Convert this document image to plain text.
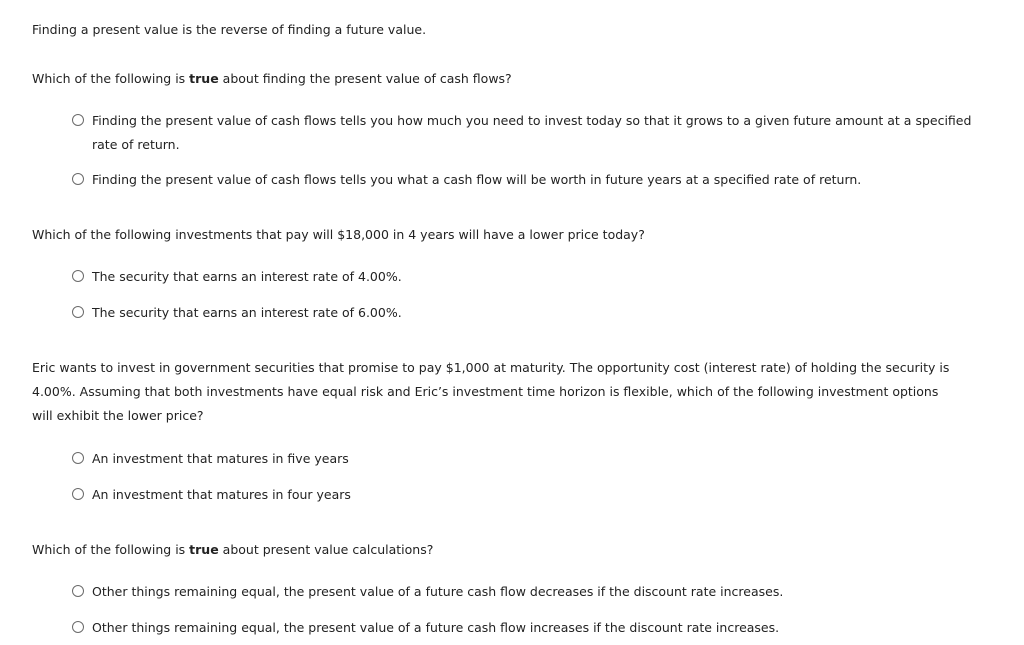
Finding a present value is the reverse of finding a future value.
Which of the following is true about finding the present value of cash flows?
Finding the present value of cash flows tells you how much you need to invest today so that it grows to a given future amount at a specified rate of return.
Finding the present value of cash flows tells you what a cash flow will be worth in future years at a specified rate of return.
Which of the following investments that pay will $18,000 in 4 years will have a lower price today?
The security that earns an interest rate of 4.00%.
The security that earns an interest rate of 6.00%.
Eric wants to invest in government securities that promise to pay $1,000 at maturity. The opportunity cost (interest rate) of holding the security is 4.00%. Assuming that both investments have equal risk and Eric’s investment time horizon is flexible, which of the following investment options will exhibit the lower price?
An investment that matures in five years
An investment that matures in four years
Which of the following is true about present value calculations?
Other things remaining equal, the present value of a future cash flow decreases if the discount rate increases.
Other things remaining equal, the present value of a future cash flow increases if the discount rate increases.
